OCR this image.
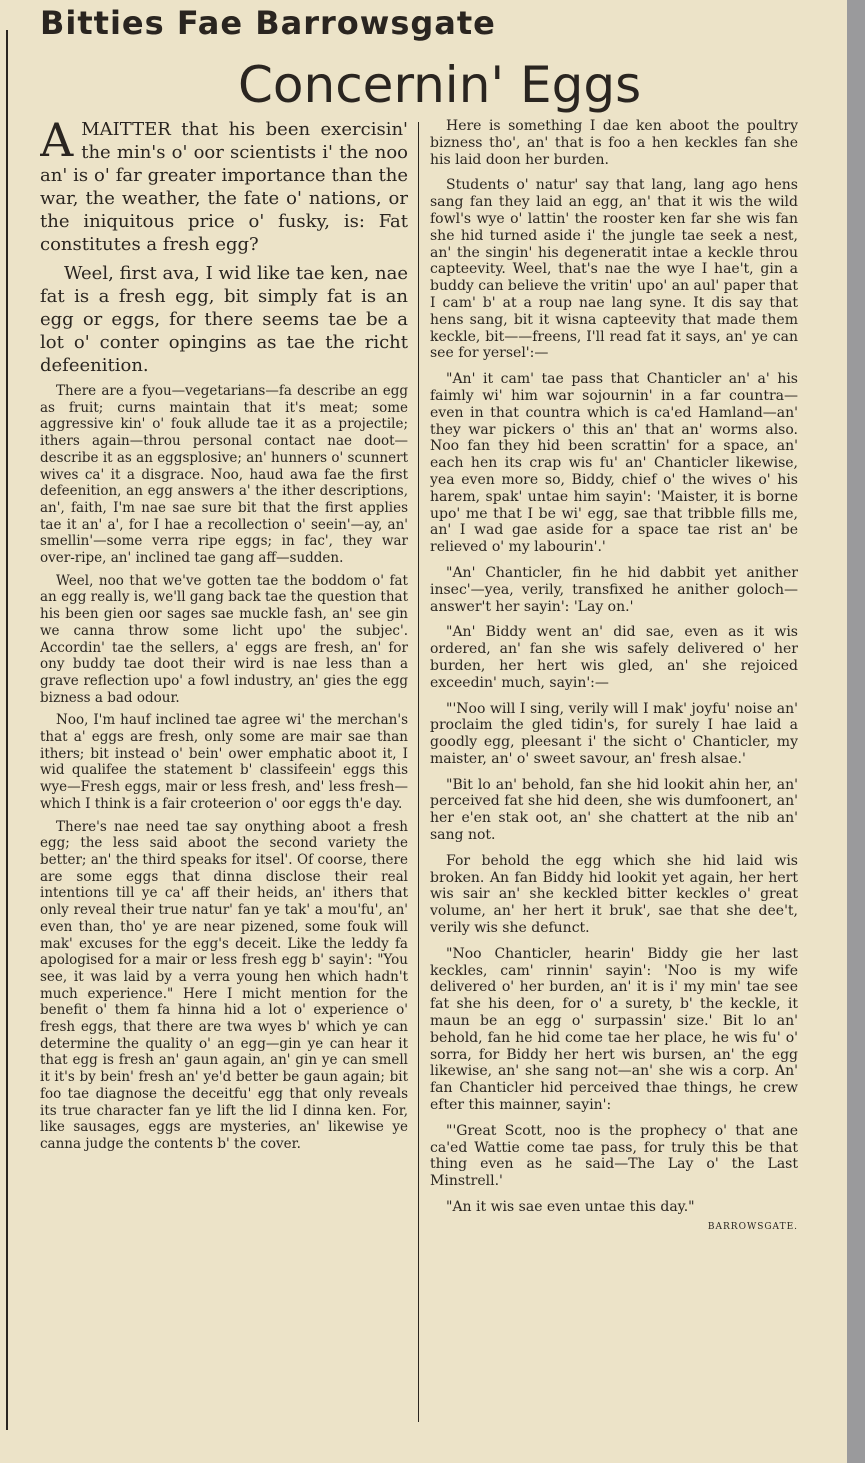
Bitties Fae Barrowsgate
Concernin' Eggs

A MAITTER that his been exercisin' the min's o' oor scientists i' the noo an' is o' far greater importance than the war, the weather, the fate o' nations, or the iniquitous price o' fusky, is: Fat constitutes a fresh egg?

Weel, first ava, I wid like tae ken, nae fat is a fresh egg, bit simply fat is an egg or eggs, for there seems tae be a lot o' conter opingins as tae the richt defeenition.

There are a fyou—vegetarians—fa describe an egg as fruit; curns maintain that it's meat; some aggressive kin' o' fouk allude tae it as a projectile; ithers again—throu personal contact nae doot—describe it as an eggsplosive; an' hunners o' scunnert wives ca' it a disgrace. Noo, haud awa fae the first defeenition, an egg answers a' the ither descriptions, an', faith, I'm nae sae sure bit that the first applies tae it an' a', for I hae a recollection o' seein'—ay, an' smellin'—some verra ripe eggs; in fac', they war over-ripe, an' inclined tae gang aff—sudden.

Weel, noo that we've gotten tae the boddom o' fat an egg really is, we'll gang back tae the question that his been gien oor sages sae muckle fash, an' see gin we canna throw some licht upo' the subjec'. Accordin' tae the sellers, a' eggs are fresh, an' for ony buddy tae doot their wird is nae less than a grave reflection upo' a fowl industry, an' gies the egg bizness a bad odour.

Noo, I'm hauf inclined tae agree wi' the merchan's that a' eggs are fresh, only some are mair sae than ithers; bit instead o' bein' ower emphatic aboot it, I wid qualifee the statement b' classifeein' eggs this wye—Fresh eggs, mair or less fresh, and' less fresh—which I think is a fair croteerion o' oor eggs th'e day.

There's nae need tae say onything aboot a fresh egg; the less said aboot the second variety the better; an' the third speaks for itsel'. Of coorse, there are some eggs that dinna disclose their real intentions till ye ca' aff their heids, an' ithers that only reveal their true natur' fan ye tak' a mou'fu', an' even than, tho' ye are near pizened, some fouk will mak' excuses for the egg's deceit. Like the leddy fa apologised for a mair or less fresh egg b' sayin': "You see, it was laid by a verra young hen which hadn't much experience." Here I micht mention for the benefit o' them fa hinna hid a lot o' experience o' fresh eggs, that there are twa wyes b' which ye can determine the quality o' an egg—gin ye can hear it that egg is fresh an' gaun again, an' gin ye can smell it it's by bein' fresh an' ye'd better be gaun again; bit foo tae diagnose the deceitfu' egg that only reveals its true character fan ye lift the lid I dinna ken. For, like sausages, eggs are mysteries, an' likewise ye canna judge the contents b' the cover.

Here is something I dae ken aboot the poultry bizness tho', an' that is foo a hen keckles fan she his laid doon her burden.

Students o' natur' say that lang, lang ago hens sang fan they laid an egg, an' that it wis the wild fowl's wye o' lattin' the rooster ken far she wis fan she hid turned aside i' the jungle tae seek a nest, an' the singin' his degeneratit intae a keckle throu capteevity. Weel, that's nae the wye I hae't, gin a buddy can believe the vritin' upo' an aul' paper that I cam' b' at a roup nae lang syne. It dis say that hens sang, bit it wisna capteevity that made them keckle, bit——freens, I'll read fat it says, an' ye can see for yersel':—

"An' it cam' tae pass that Chanticler an' a' his faimly wi' him war sojournin' in a far countra—even in that countra which is ca'ed Hamland—an' they war pickers o' this an' that an' worms also. Noo fan they hid been scrattin' for a space, an' each hen its crap wis fu' an' Chanticler likewise, yea even more so, Biddy, chief o' the wives o' his harem, spak' untae him sayin': 'Maister, it is borne upo' me that I be wi' egg, sae that tribble fills me, an' I wad gae aside for a space tae rist an' be relieved o' my labourin'.'

"An' Chanticler, fin he hid dabbit yet anither insec'—yea, verily, transfixed he anither goloch—answer't her sayin': 'Lay on.'

"An' Biddy went an' did sae, even as it wis ordered, an' fan she wis safely delivered o' her burden, her hert wis gled, an' she rejoiced exceedin' much, sayin':—

"'Noo will I sing, verily will I mak' joyfu' noise an' proclaim the gled tidin's, for surely I hae laid a goodly egg, pleesant i' the sicht o' Chanticler, my maister, an' o' sweet savour, an' fresh alsae.'

"Bit lo an' behold, fan she hid lookit ahin her, an' perceived fat she hid deen, she wis dumfoonert, an' her e'en stak oot, an' she chattert at the nib an' sang not.

For behold the egg which she hid laid wis broken. An fan Biddy hid lookit yet again, her hert wis sair an' she keckled bitter keckles o' great volume, an' her hert it bruk', sae that she dee't, verily wis she defunct.

"Noo Chanticler, hearin' Biddy gie her last keckles, cam' rinnin' sayin': 'Noo is my wife delivered o' her burden, an' it is i' my min' tae see fat she his deen, for o' a surety, b' the keckle, it maun be an egg o' surpassin' size.' Bit lo an' behold, fan he hid come tae her place, he wis fu' o' sorra, for Biddy her hert wis bursen, an' the egg likewise, an' she sang not—an' she wis a corp. An' fan Chanticler hid perceived thae things, he crew efter this mainner, sayin':

"'Great Scott, noo is the prophecy o' that ane ca'ed Wattie come tae pass, for truly this be that thing even as he said—The Lay o' the Last Minstrell.'

"An it wis sae even untae this day."

BARROWSGATE.
